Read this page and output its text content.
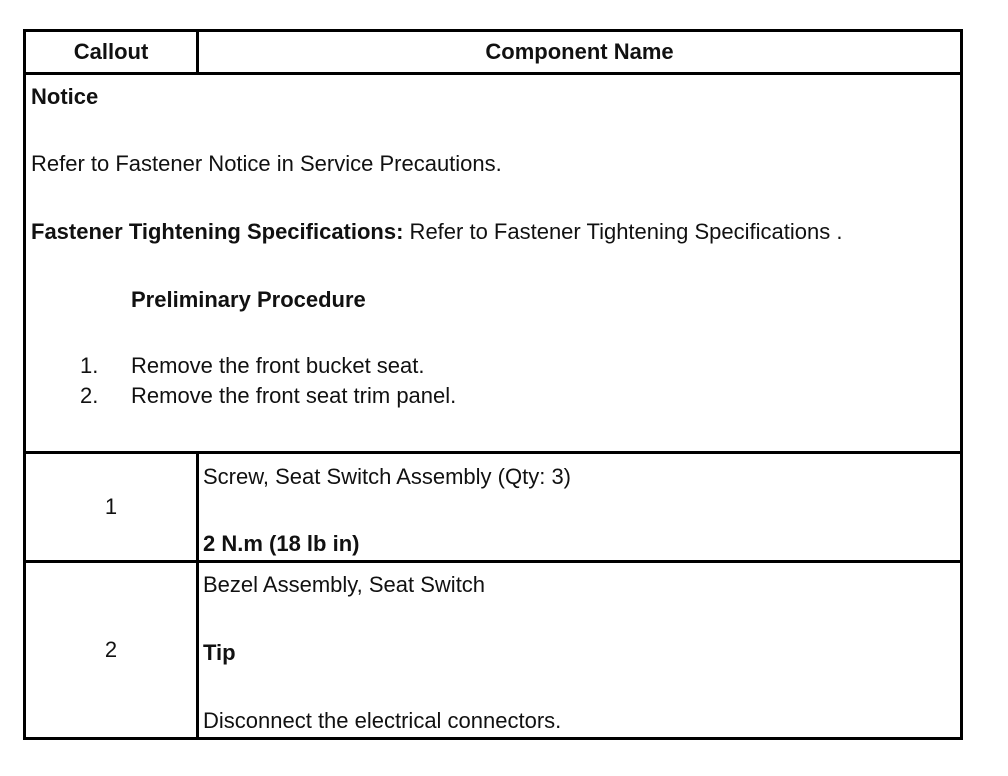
Callout	Component Name
Notice
Refer to Fastener Notice in Service Precautions.
Fastener Tightening Specifications: Refer to Fastener Tightening Specifications .
Preliminary Procedure
1. Remove the front bucket seat.
2. Remove the front seat trim panel.
1
Screw, Seat Switch Assembly (Qty: 3)
2 N.m (18 lb in)
2
Bezel Assembly, Seat Switch
Tip
Disconnect the electrical connectors.
